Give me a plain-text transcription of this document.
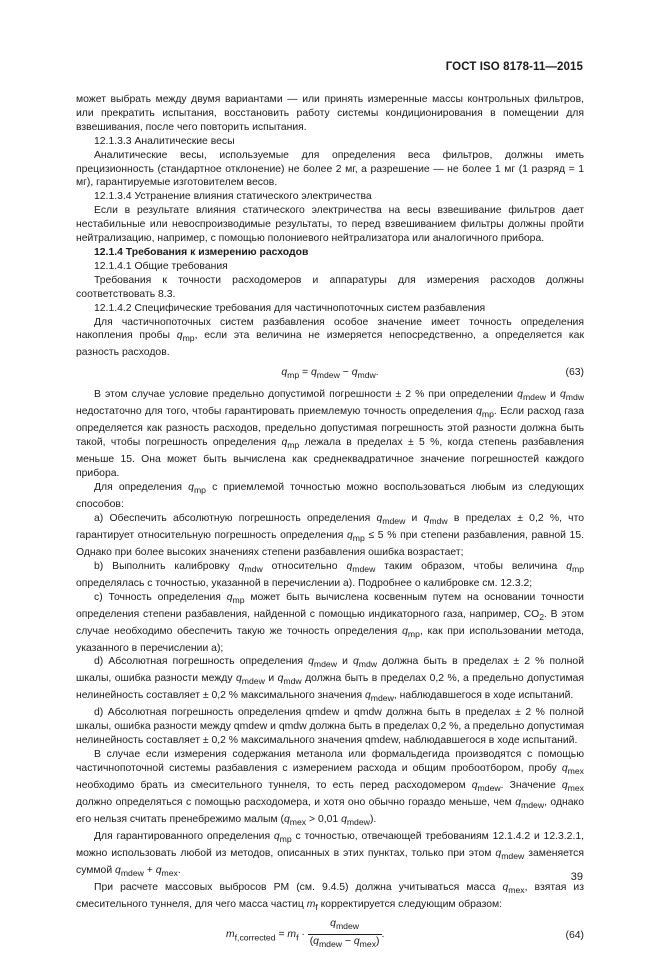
ГОСТ ISO 8178-11—2015

может выбрать между двумя вариантами — или принять измеренные массы контрольных фильтров, или прекратить испытания, восстановить работу системы кондиционирования в помещении для взвешивания, после чего повторить испытания.

12.1.3.3 Аналитические весы

Аналитические весы, используемые для определения веса фильтров, должны иметь прецизионность (стандартное отклонение) не более 2 мг, а разрешение — не более 1 мг (1 разряд = 1 мг), гарантируемые изготовителем весов.

12.1.3.4 Устранение влияния статического электричества

Если в результате влияния статического электричества на весы взвешивание фильтров дает нестабильные или невоспроизводимые результаты, то перед взвешиванием фильтры должны пройти нейтрализацию, например, с помощью полониевого нейтрализатора или аналогичного прибора.

12.1.4 Требования к измерению расходов

12.1.4.1 Общие требования

Требования к точности расходомеров и аппаратуры для измерения расходов должны соответствовать 8.3.

12.1.4.2 Специфические требования для частичнопоточных систем разбавления

Для частичнопоточных систем разбавления особое значение имеет точность определения накопления пробы $q_{mp}$, если эта величина не измеряется непосредственно, а определяется как разность расходов.

$q_{mp} = q_{mdew} - q_{mdw}$.	(63)

В этом случае условие предельно допустимой погрешности ± 2 % при определении $q_{mdew}$ и $q_{mdw}$ недостаточно для того, чтобы гарантировать приемлемую точность определения $q_{mp}$. Если расход газа определяется как разность расходов, предельно допустимая погрешность этой разности должна быть такой, чтобы погрешность определения $q_{mp}$ лежала в пределах ± 5 %, когда степень разбавления меньше 15. Она может быть вычислена как среднеквадратичное значение погрешностей каждого прибора.

Для определения $q_{mp}$ с приемлемой точностью можно воспользоваться любым из следующих способов:

a) Обеспечить абсолютную погрешность определения $q_{mdew}$ и $q_{mdw}$ в пределах ± 0,2 %, что гарантирует относительную погрешность определения $q_{mp} \le 5$ % при степени разбавления, равной 15. Однако при более высоких значениях степени разбавления ошибка возрастает;

b) Выполнить калибровку $q_{mdw}$ относительно $q_{mdew}$ таким образом, чтобы величина $q_{mp}$ определялась с точностью, указанной в перечислении а). Подробнее о калибровке см. 12.3.2;

c) Точность определения $q_{mp}$ может быть вычислена косвенным путем на основании точности определения степени разбавления, найденной с помощью индикаторного газа, например, $CO_2$. В этом случае необходимо обеспечить такую же точность определения $q_{mp}$, как при использовании метода, указанного в перечислении а);

d) Абсолютная погрешность определения $q_{mdew}$ и $q_{mdw}$ должна быть в пределах ± 2 % полной шкалы, ошибка разности между $q_{mdew}$ и $q_{mdw}$ должна быть в пределах 0,2 %, а предельно допустимая нелинейность составляет ± 0,2 % максимального значения $q_{mdew}$, наблюдавшегося в ходе испытаний.

d) Абсолютная погрешность определения qmdew и qmdw должна быть в пределах ± 2 % полной шкалы, ошибка разности между qmdew и qmdw должна быть в пределах 0,2 %, а предельно допустимая нелинейность составляет ± 0,2 % максимального значения qmdew, наблюдавшегося в ходе испытаний.

В случае если измерения содержания метанола или формальдегида производятся с помощью частичнопоточной системы разбавления с измерением расхода и общим пробоотбором, пробу $q_{mex}$ необходимо брать из смесительного туннеля, то есть перед расходомером $q_{mdew}$. Значение $q_{mex}$ должно определяться с помощью расходомера, и хотя оно обычно гораздо меньше, чем $q_{mdew}$, однако его нельзя считать пренебрежимо малым ($q_{mex} > 0,01$ $q_{mdew}$).

Для гарантированного определения $q_{mp}$ с точностью, отвечающей требованиям 12.1.4.2 и 12.3.2.1, можно использовать любой из методов, описанных в этих пунктах, только при этом $q_{mdew}$ заменяется суммой $q_{mdew} + q_{mex}$.

При расчете массовых выбросов PM (см. 9.4.5) должна учитываться масса $q_{mex}$, взятая из смесительного туннеля, для чего масса частиц $m_f$ корректируется следующим образом:

$m_{f,corrected} = m_f \cdot \frac{q_{mdew}}{(q_{mdew} - q_{mex})}$ .	(64)
39
